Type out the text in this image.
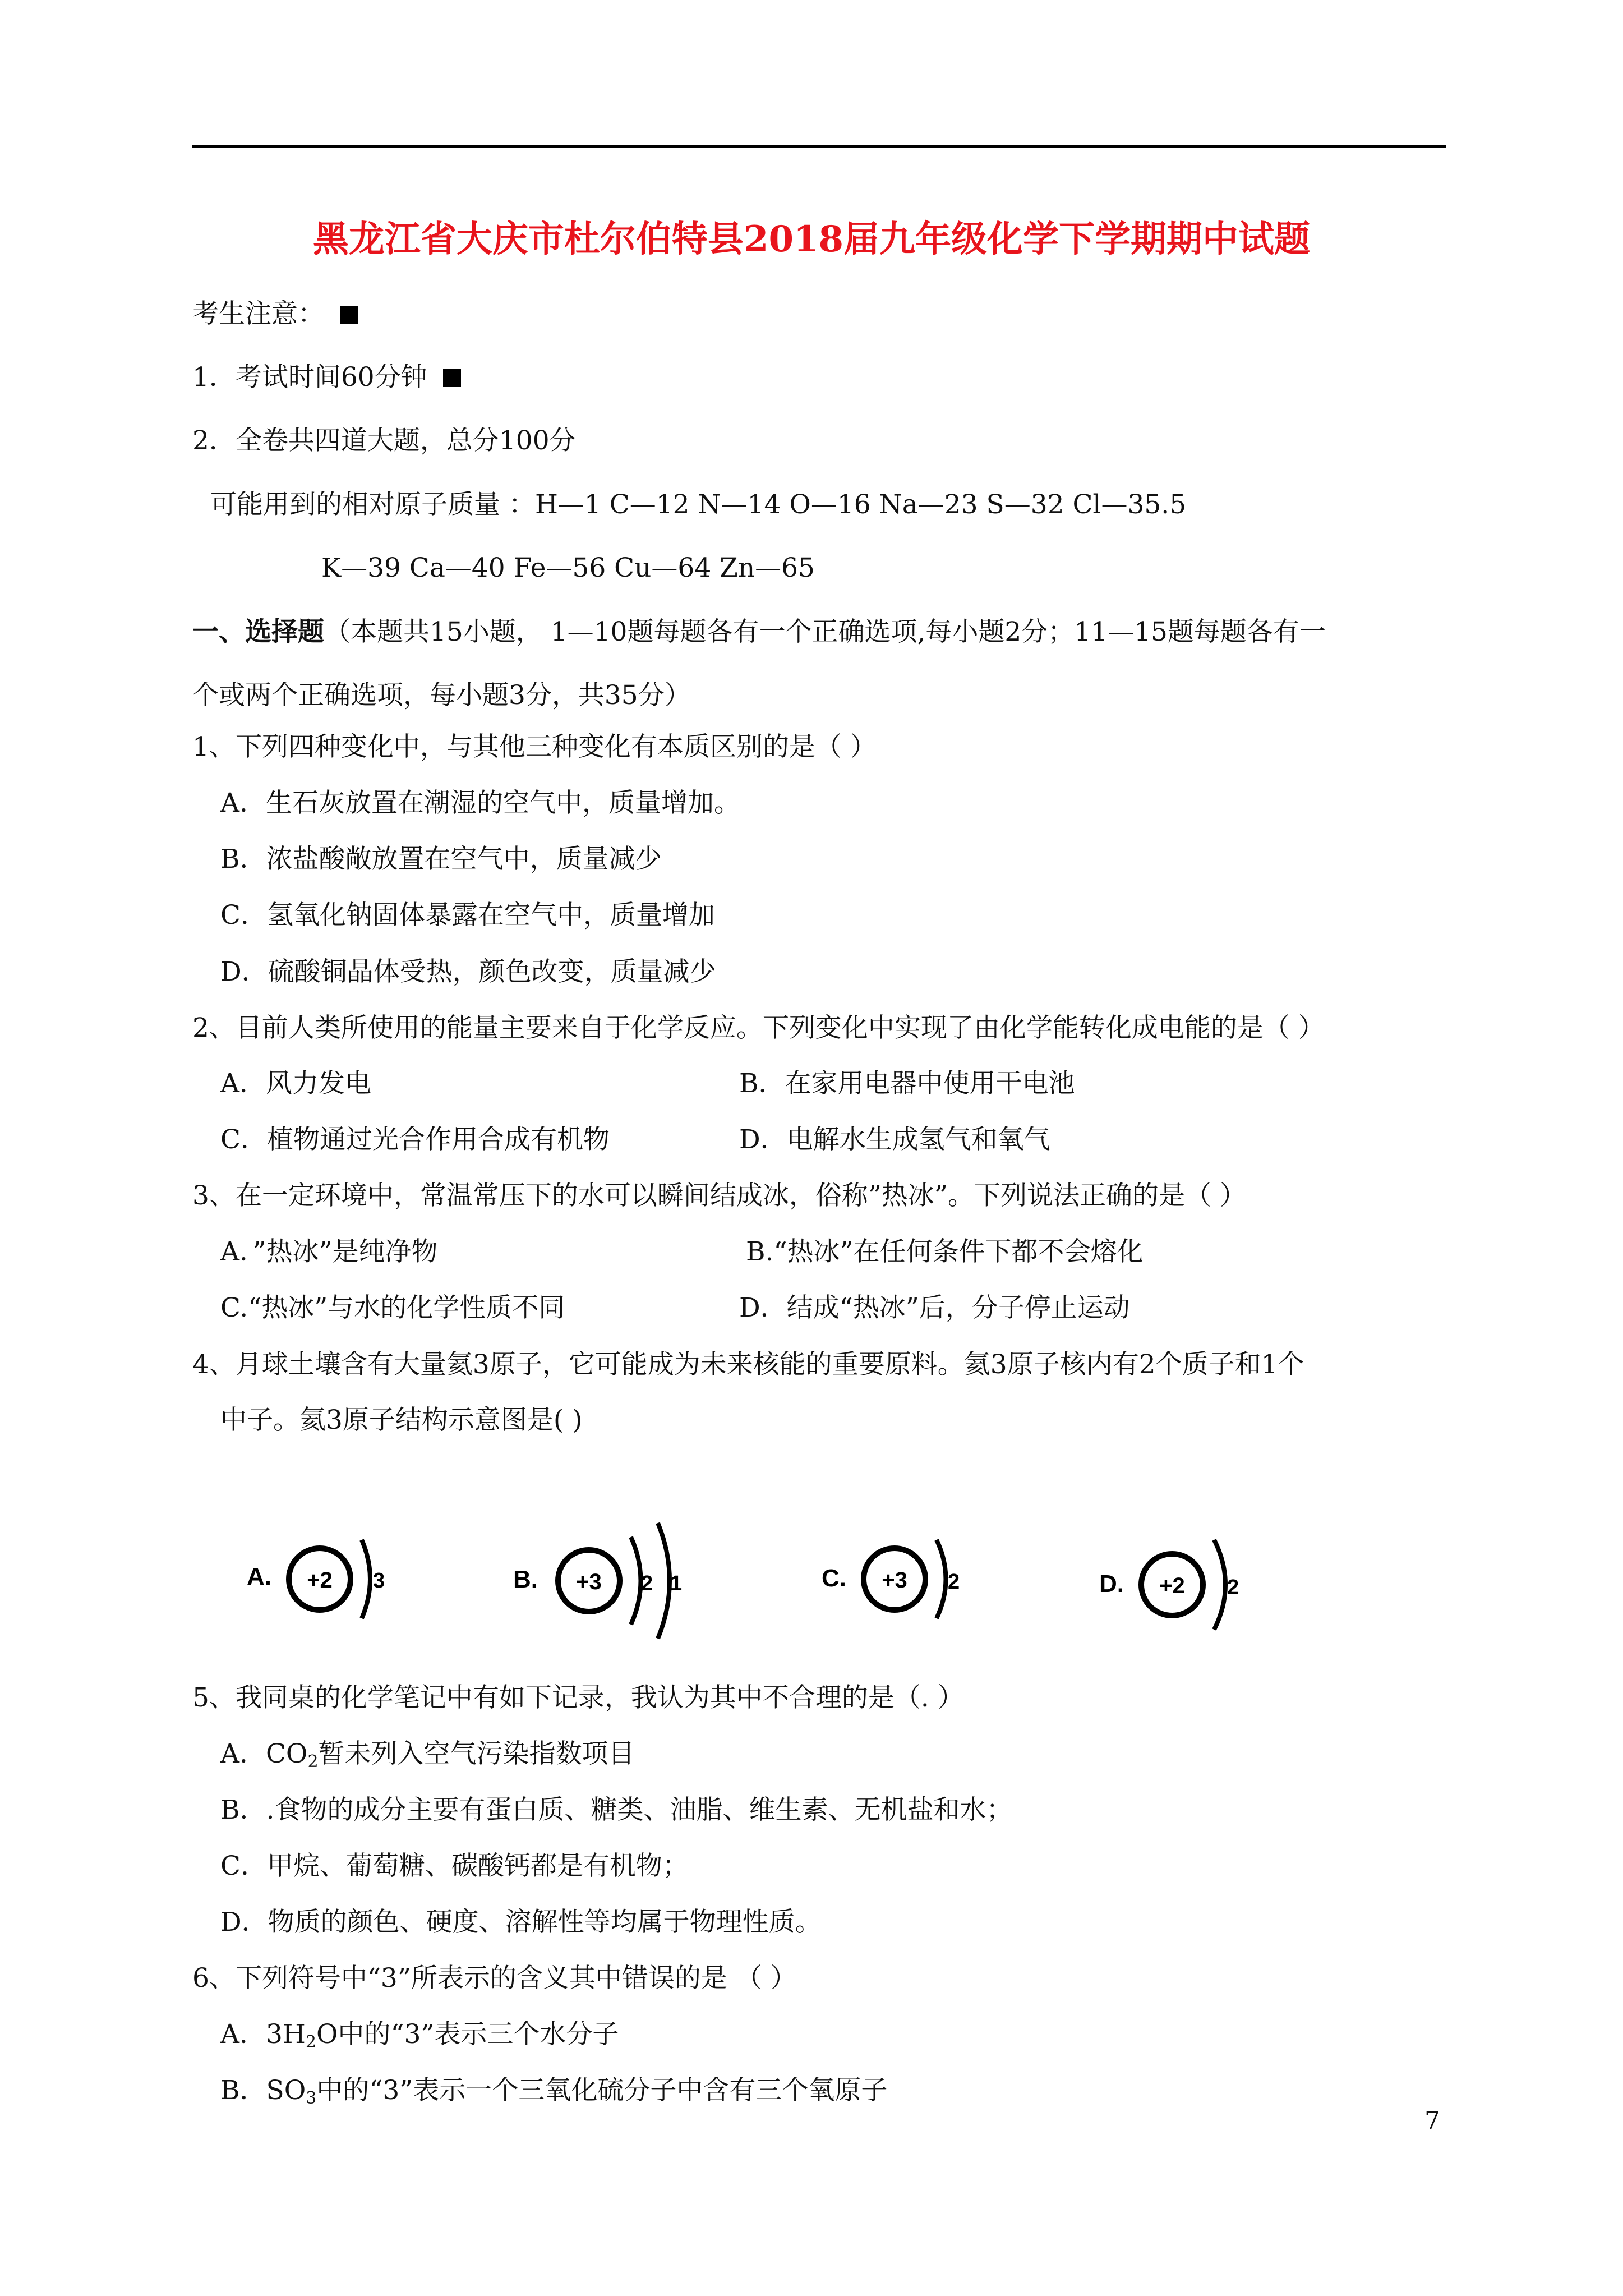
黑龙江省大庆市杜尔伯特县2018届九年级化学下学期期中试题
考生注意：
1．考试时间60分钟
2．全卷共四道大题，总分100分
可能用到的相对原子质量 ：H—1 C—12 N—14 O—16 Na—23 S—32 Cl—35.5
K—39 Ca—40 Fe—56 Cu—64 Zn—65
一、选择题（本题共15小题， 1—10题每题各有一个正确选项,每小题2分；11—15题每题各有一
个或两个正确选项，每小题3分，共35分）
1、下列四种变化中，与其他三种变化有本质区别的是（ ）
A．生石灰放置在潮湿的空气中，质量增加。
B．浓盐酸敞放置在空气中，质量减少
C．氢氧化钠固体暴露在空气中，质量增加
D．硫酸铜晶体受热，颜色改变，质量减少
2、目前人类所使用的能量主要来自于化学反应。下列变化中实现了由化学能转化成电能的是（ ）
A．风力发电	B．在家用电器中使用干电池
C．植物通过光合作用合成有机物	D．电解水生成氢气和氧气
3、在一定环境中，常温常压下的水可以瞬间结成冰，俗称”热冰”。下列说法正确的是（ ）
A．”热冰”是纯净物	B.“热冰”在任何条件下都不会熔化
C.“热冰”与水的化学性质不同	D．结成“热冰”后，分子停止运动
4、月球土壤含有大量氦3原子，它可能成为未来核能的重要原料。氦3原子核内有2个质子和1个
中子。氦3原子结构示意图是( )
A. +2 3	B. +3 2 1	C. +3 2	D. +2 2
5、我同桌的化学笔记中有如下记录，我认为其中不合理的是（. ）
A．$CO_2$暂未列入空气污染指数项目
B．.食物的成分主要有蛋白质、糖类、油脂、维生素、无机盐和水；
C．甲烷、葡萄糖、碳酸钙都是有机物；
D．物质的颜色、硬度、溶解性等均属于物理性质。
6、下列符号中“3”所表示的含义其中错误的是 （ ）
A．$3H_2O$中的“3”表示三个水分子
B．$SO_3$中的“3”表示一个三氧化硫分子中含有三个氧原子
7
